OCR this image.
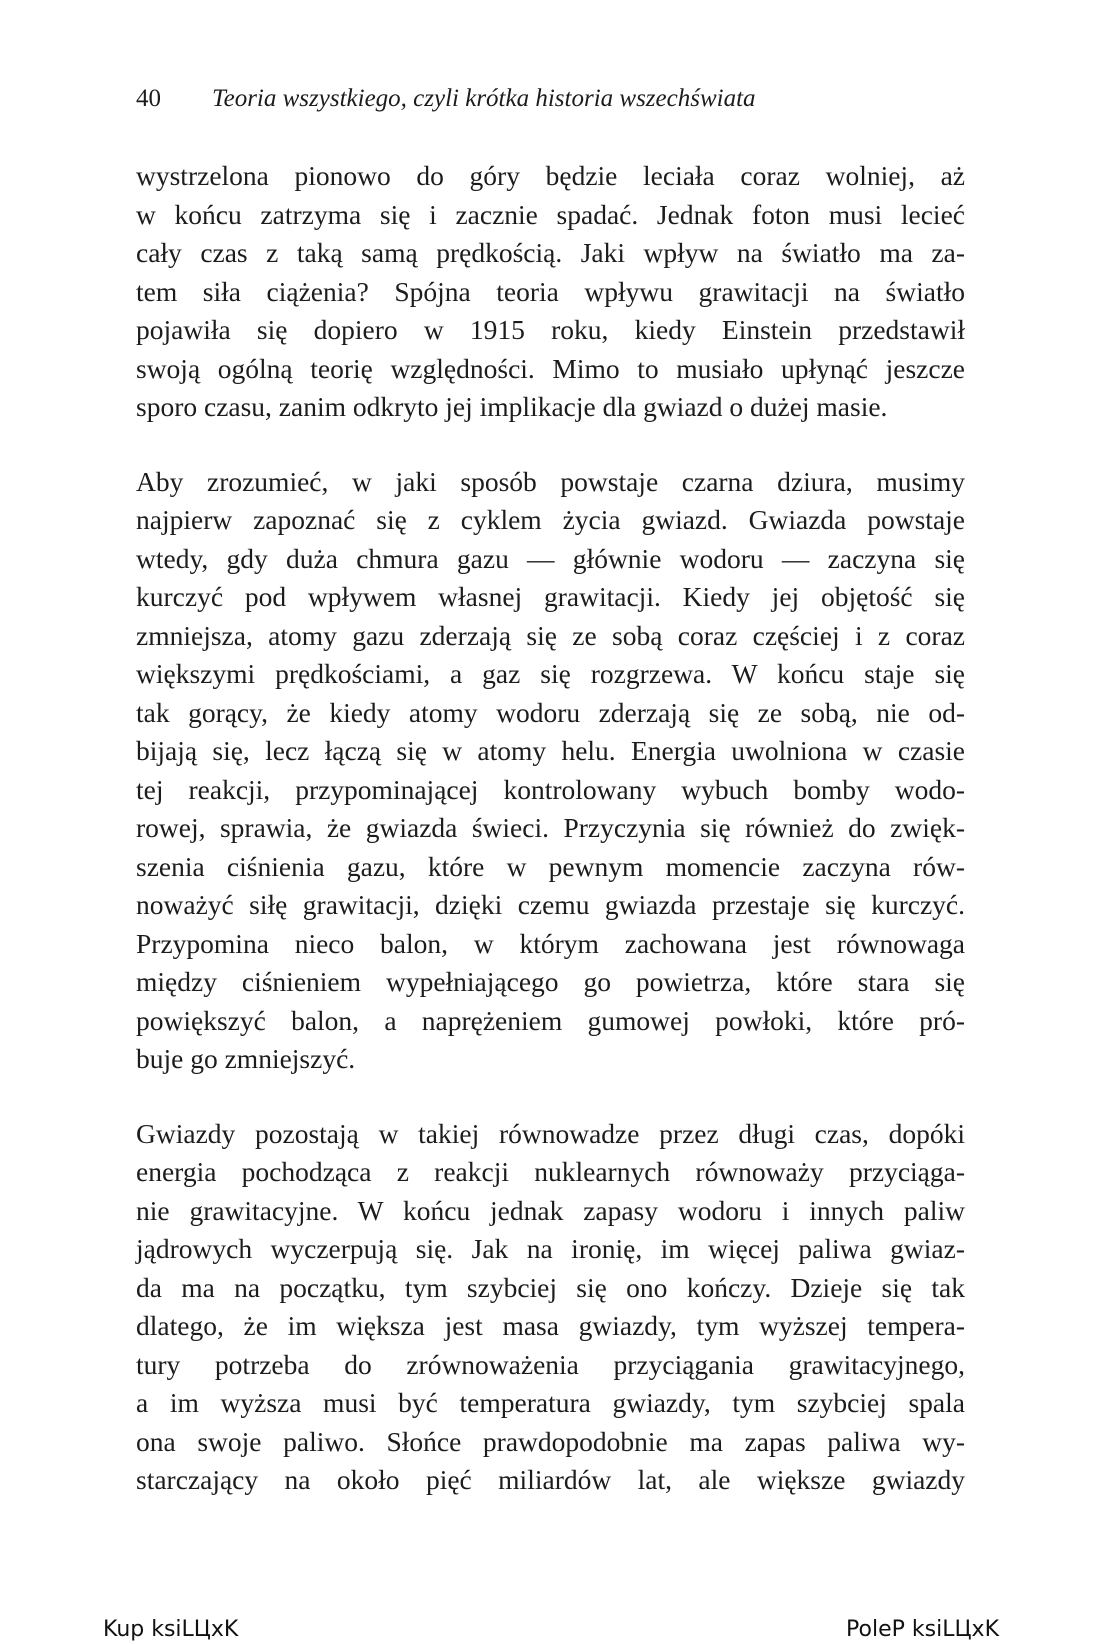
40 Teoria wszystkiego, czyli krótka historia wszechświata
wystrzelona pionowo do góry będzie leciała coraz wolniej, aż
w końcu zatrzyma się i zacznie spadać. Jednak foton musi lecieć
cały czas z taką samą prędkością. Jaki wpływ na światło ma za-
tem siła ciążenia? Spójna teoria wpływu grawitacji na światło
pojawiła się dopiero w 1915 roku, kiedy Einstein przedstawił
swoją ogólną teorię względności. Mimo to musiało upłynąć jeszcze
sporo czasu, zanim odkryto jej implikacje dla gwiazd o dużej masie.
Aby zrozumieć, w jaki sposób powstaje czarna dziura, musimy
najpierw zapoznać się z cyklem życia gwiazd. Gwiazda powstaje
wtedy, gdy duża chmura gazu — głównie wodoru — zaczyna się
kurczyć pod wpływem własnej grawitacji. Kiedy jej objętość się
zmniejsza, atomy gazu zderzają się ze sobą coraz częściej i z coraz
większymi prędkościami, a gaz się rozgrzewa. W końcu staje się
tak gorący, że kiedy atomy wodoru zderzają się ze sobą, nie od-
bijają się, lecz łączą się w atomy helu. Energia uwolniona w czasie
tej reakcji, przypominającej kontrolowany wybuch bomby wodo-
rowej, sprawia, że gwiazda świeci. Przyczynia się również do zwięk-
szenia ciśnienia gazu, które w pewnym momencie zaczyna rów-
noważyć siłę grawitacji, dzięki czemu gwiazda przestaje się kurczyć.
Przypomina nieco balon, w którym zachowana jest równowaga
między ciśnieniem wypełniającego go powietrza, które stara się
powiększyć balon, a naprężeniem gumowej powłoki, które pró-
buje go zmniejszyć.
Gwiazdy pozostają w takiej równowadze przez długi czas, dopóki
energia pochodząca z reakcji nuklearnych równoważy przyciąga-
nie grawitacyjne. W końcu jednak zapasy wodoru i innych paliw
jądrowych wyczerpują się. Jak na ironię, im więcej paliwa gwiaz-
da ma na początku, tym szybciej się ono kończy. Dzieje się tak
dlatego, że im większa jest masa gwiazdy, tym wyższej tempera-
tury potrzeba do zrównoważenia przyciągania grawitacyjnego,
a im wyższa musi być temperatura gwiazdy, tym szybciej spala
ona swoje paliwo. Słońce prawdopodobnie ma zapas paliwa wy-
starczający na około pięć miliardów lat, ale większe gwiazdy
Kup ksiLЦxK	PoleP ksiLЦxK
